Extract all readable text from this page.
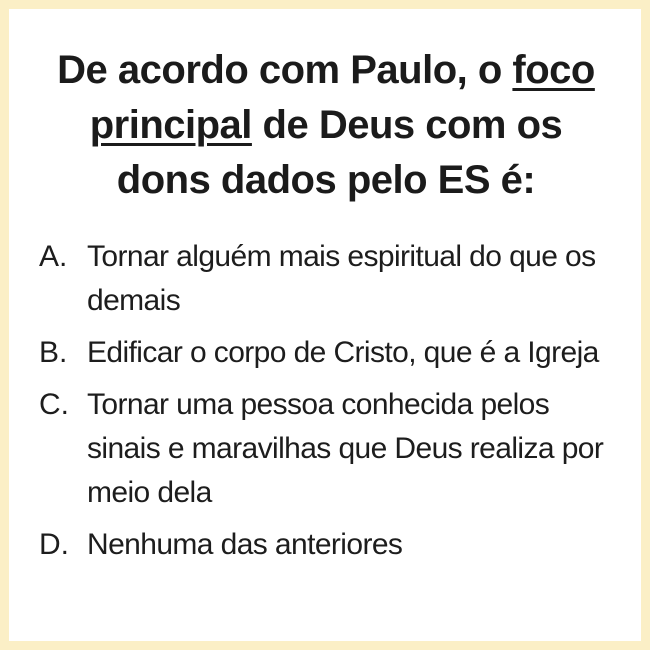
De acordo com Paulo, o foco principal de Deus com os dons dados pelo ES é:
A. Tornar alguém mais espiritual do que os demais
B. Edificar o corpo de Cristo, que é a Igreja
C. Tornar uma pessoa conhecida pelos sinais e maravilhas que Deus realiza por meio dela
D. Nenhuma das anteriores
